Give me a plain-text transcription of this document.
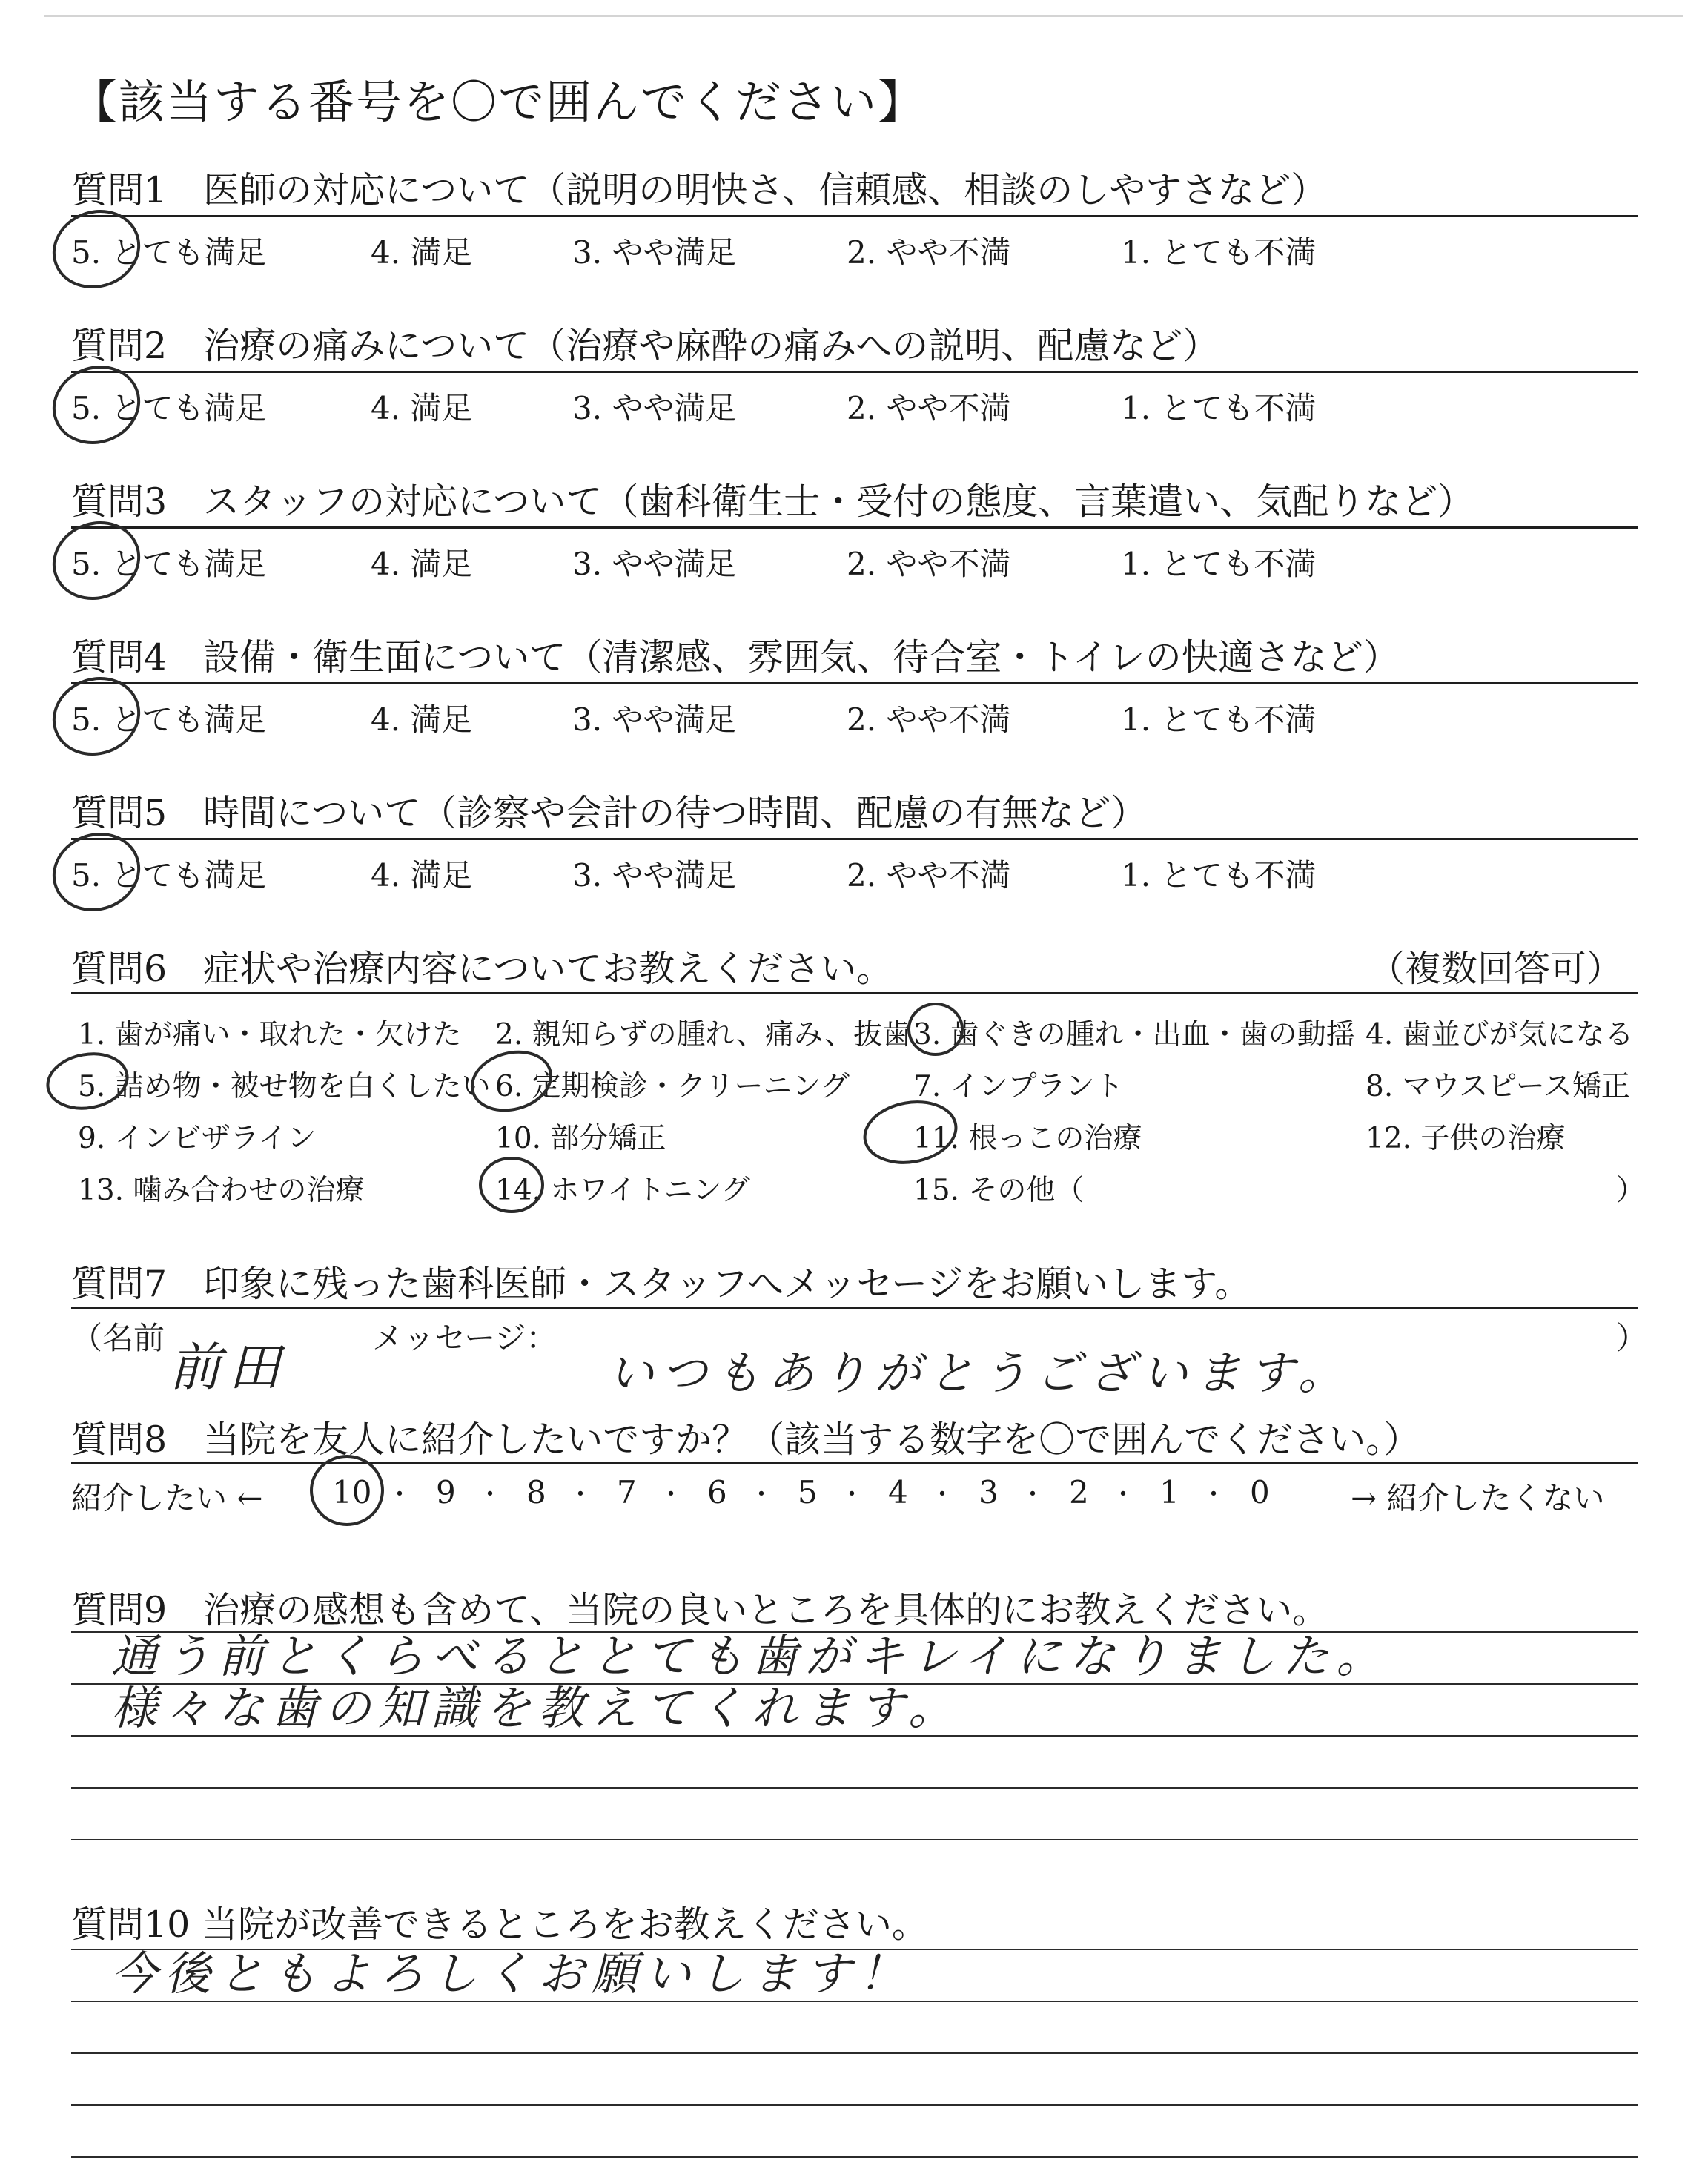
【該当する番号を〇で囲んでください】
質問1　医師の対応について（説明の明快さ、信頼感、相談のしやすさなど）
5. とても満足	4. 満足	3. やや満足	2. やや不満	1. とても不満
質問2　治療の痛みについて（治療や麻酔の痛みへの説明、配慮など）
5. とても満足	4. 満足	3. やや満足	2. やや不満	1. とても不満
質問3　スタッフの対応について（歯科衛生士・受付の態度、言葉遣い、気配りなど）
5. とても満足	4. 満足	3. やや満足	2. やや不満	1. とても不満
質問4　設備・衛生面について（清潔感、雰囲気、待合室・トイレの快適さなど）
5. とても満足	4. 満足	3. やや満足	2. やや不満	1. とても不満
質問5　時間について（診察や会計の待つ時間、配慮の有無など）
5. とても満足	4. 満足	3. やや満足	2. やや不満	1. とても不満
質問6　症状や治療内容についてお教えください。	（複数回答可）
1. 歯が痛い・取れた・欠けた 2. 親知らずの腫れ、痛み、抜歯 3. 歯ぐきの腫れ・出血・歯の動揺 4. 歯並びが気になる
5. 詰め物・被せ物を白くしたい 6. 定期検診・クリーニング 7. インプラント	8. マウスピース矯正
9. インビザライン	10. 部分矯正	11. 根っこの治療	12. 子供の治療
13. 噛み合わせの治療	14. ホワイトニング	15. その他（	）
質問7　印象に残った歯科医師・スタッフへメッセージをお願いします。
（名前 前田	メッセージ：
いつもありがとうございます。
）
質問8　当院を友人に紹介したいですか？（該当する数字を〇で囲んでください。）
紹介したい ← 10 ・ 9 ・ 8 ・ 7 ・ 6 ・ 5 ・ 4 ・ 3 ・ 2 ・ 1 ・ 0	→ 紹介したくない
質問9　治療の感想も含めて、当院の良いところを具体的にお教えください。
通う前とくらべるととても歯がキレイになりました。
様々な歯の知識を教えてくれます。
質問10 当院が改善できるところをお教えください。
今後ともよろしくお願いします！
